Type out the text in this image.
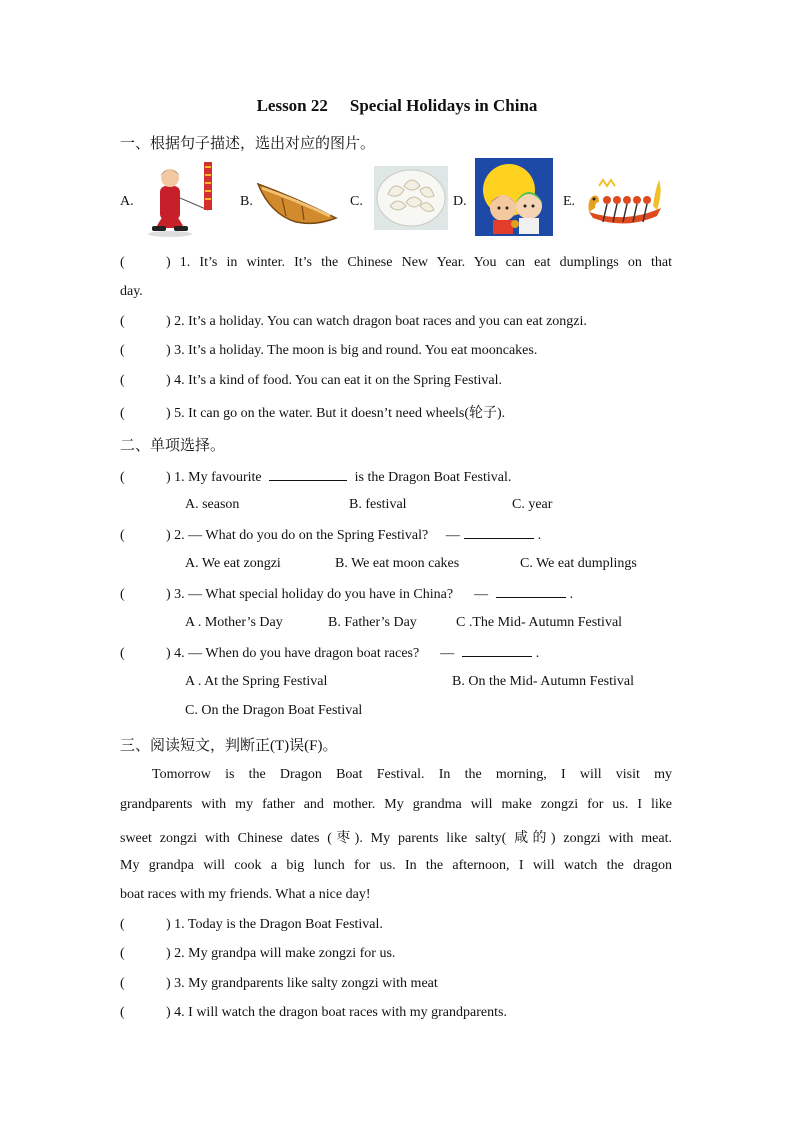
Lesson 22 Special Holidays in China
一、根据句子描述，选出对应的图片。
A.	B.	C.	D.	E.
(	) 1. It’s in winter. It’s the Chinese New Year. You can eat dumplings on that
day.
(	) 2. It’s a holiday. You can watch dragon boat races and you can eat zongzi.
(	) 3. It’s a holiday. The moon is big and round. You eat mooncakes.
(	) 4. It’s a kind of food. You can eat it on the Spring Festival.
(	) 5. It can go on the water. But it doesn’t need wheels(轮子).
二、单项选择。
(	) 1. My favourite	is the Dragon Boat Festival.
A. season	B. festival	C. year
(	) 2. — What do you do on the Spring Festival? —	.
A. We eat zongzi	B. We eat moon cakes	C. We eat dumplings
(	) 3. — What special holiday do you have in China? —	.
A . Mother’s Day	B. Father’s Day	C .The Mid- Autumn Festival
(	) 4. — When do you have dragon boat races? —	.
A . At the Spring Festival	B. On the Mid- Autumn Festival
C. On the Dragon Boat Festival
三、阅读短文，判断正(T)误(F)。
Tomorrow is the Dragon Boat Festival. In the morning, I will visit my
grandparents with my father and mother. My grandma will make zongzi for us. I like
sweet zongzi with Chinese dates (枣). My parents like salty( 咸的) zongzi with meat.
My grandpa will cook a big lunch for us. In the afternoon, I will watch the dragon
boat races with my friends. What a nice day!
(	) 1. Today is the Dragon Boat Festival.
(	) 2. My grandpa will make zongzi for us.
(	) 3. My grandparents like salty zongzi with meat
(	) 4. I will watch the dragon boat races with my grandparents.
